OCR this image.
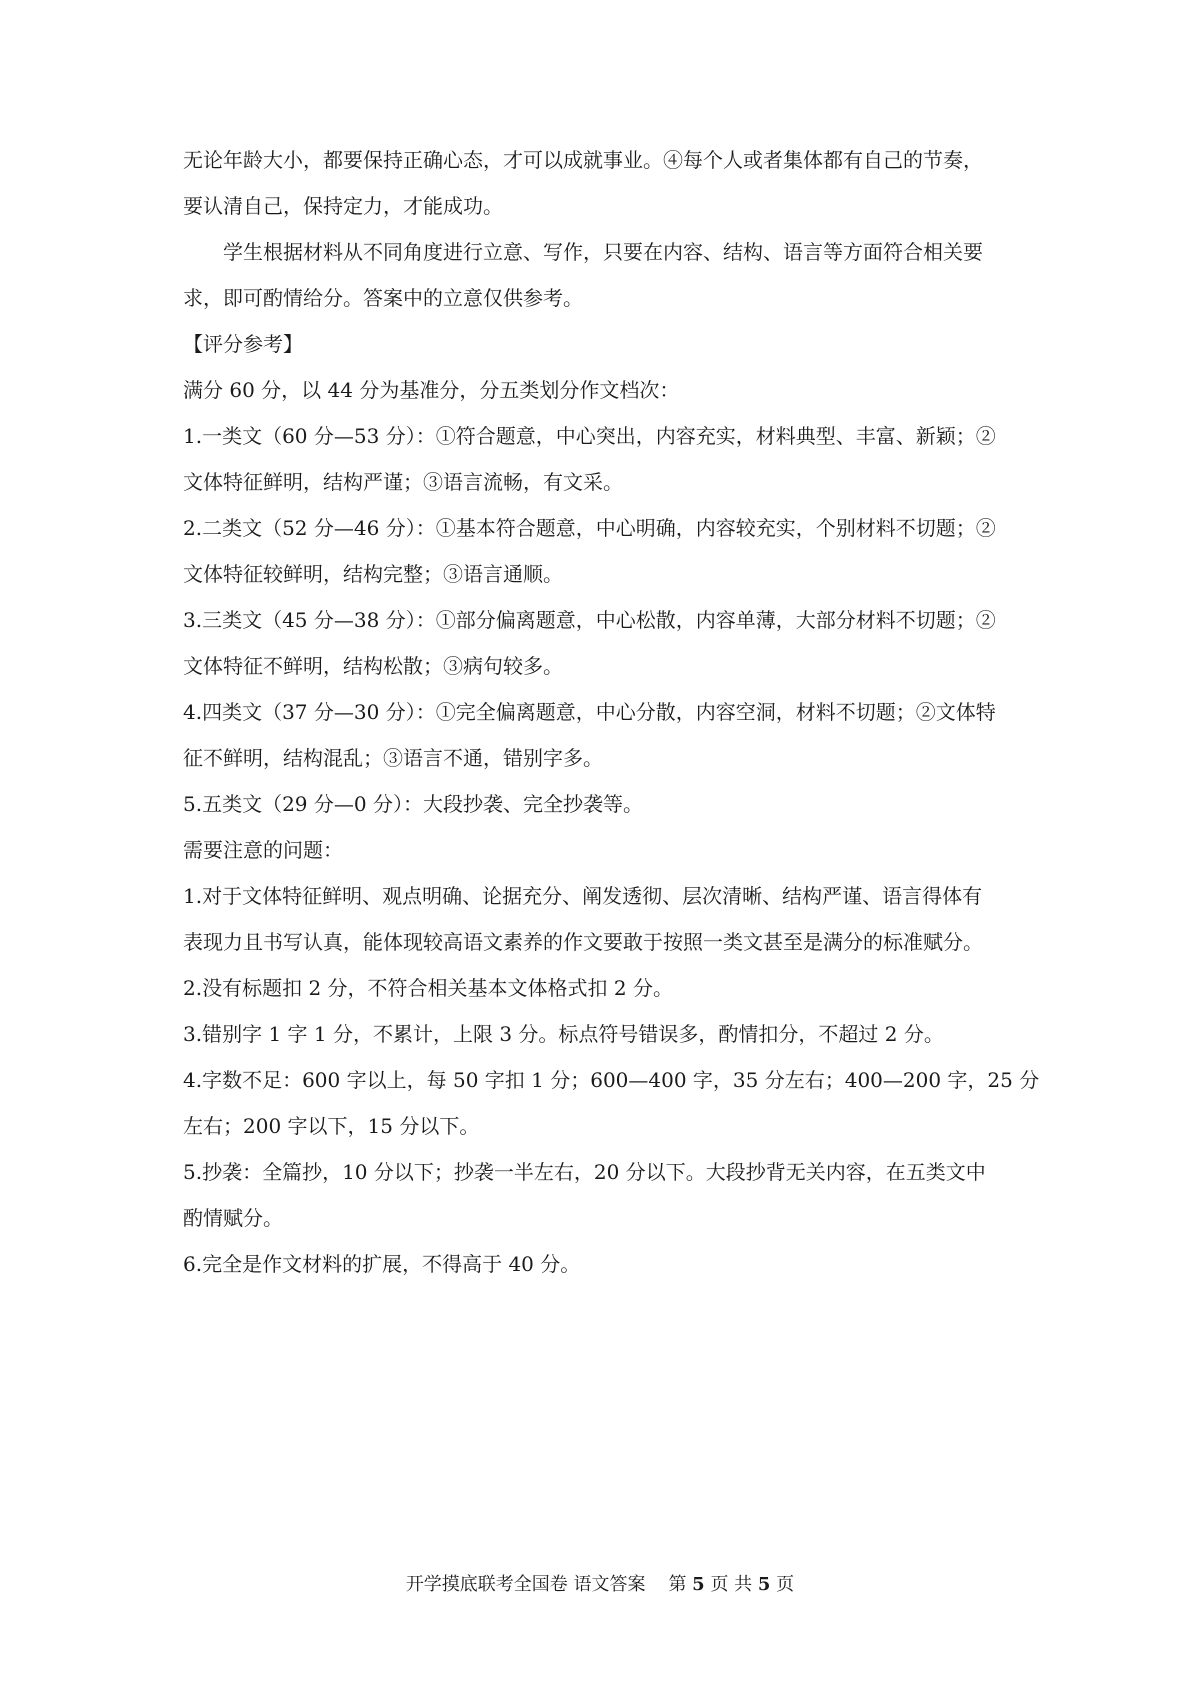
无论年龄大小，都要保持正确心态，才可以成就事业。④每个人或者集体都有自己的节奏，

要认清自己，保持定力，才能成功。

学生根据材料从不同角度进行立意、写作，只要在内容、结构、语言等方面符合相关要

求，即可酌情给分。答案中的立意仅供参考。

【评分参考】

满分 60 分，以 44 分为基准分，分五类划分作文档次：

1.一类文（60 分—53 分）：①符合题意，中心突出，内容充实，材料典型、丰富、新颖；②

文体特征鲜明，结构严谨；③语言流畅，有文采。

2.二类文（52 分—46 分）：①基本符合题意，中心明确，内容较充实，个别材料不切题；②

文体特征较鲜明，结构完整；③语言通顺。

3.三类文（45 分—38 分）：①部分偏离题意，中心松散，内容单薄，大部分材料不切题；②

文体特征不鲜明，结构松散；③病句较多。

4.四类文（37 分—30 分）：①完全偏离题意，中心分散，内容空洞，材料不切题；②文体特

征不鲜明，结构混乱；③语言不通，错别字多。

5.五类文（29 分—0 分）：大段抄袭、完全抄袭等。

需要注意的问题：

1.对于文体特征鲜明、观点明确、论据充分、阐发透彻、层次清晰、结构严谨、语言得体有

表现力且书写认真，能体现较高语文素养的作文要敢于按照一类文甚至是满分的标准赋分。

2.没有标题扣 2 分，不符合相关基本文体格式扣 2 分。

3.错别字 1 字 1 分，不累计，上限 3 分。标点符号错误多，酌情扣分，不超过 2 分。

4.字数不足：600 字以上，每 50 字扣 1 分；600—400 字，35 分左右；400—200 字，25 分

左右；200 字以下，15 分以下。

5.抄袭：全篇抄，10 分以下；抄袭一半左右，20 分以下。大段抄背无关内容，在五类文中

酌情赋分。

6.完全是作文材料的扩展，不得高于 40 分。

开学摸底联考全国卷 语文答案 第 5 页 共 5 页
